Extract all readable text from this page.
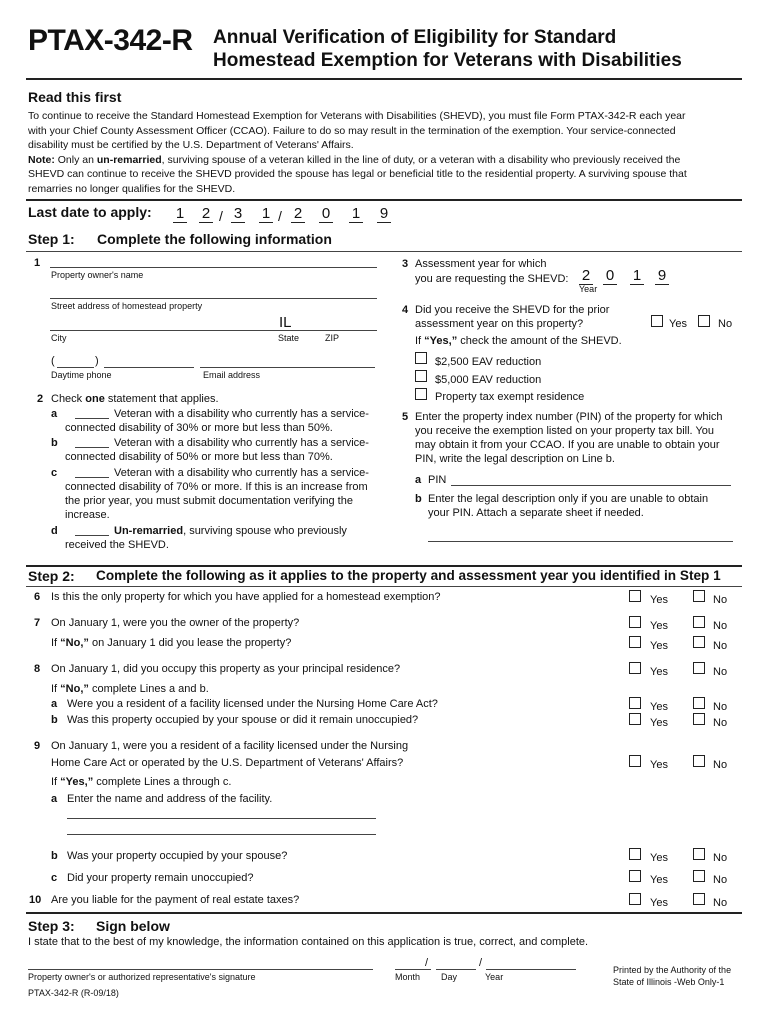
PTAX-342-R Annual Verification of Eligibility for Standard
Homestead Exemption for Veterans with Disabilities
Read this first

To continue to receive the Standard Homestead Exemption for Veterans with Disabilities (SHEVD), you must file Form PTAX-342-R each year

with your Chief County Assessment Officer (CCAO). Failure to do so may result in the termination of the exemption. Your service-connected

disability must be certified by the U.S. Department of Veterans' Affairs.

Note: Only an un-remarried, surviving spouse of a veteran killed in the line of duty, or a veteran with a disability who previously received the

SHEVD can continue to receive the SHEVD provided the spouse has legal or beneficial title to the residential property. A surviving spouse that

remarries no longer qualifies for the SHEVD.

Last date to apply: 1 2 / 3 1 / 2 0 1 9
Step 1: Complete the following information
1
Property owner's name
Street address of homestead property
IL
City	State	ZIP
(	)
Daytime phone	Email address
2 Check one statement that applies.
a	Veteran with a disability who currently has a service-
connected disability of 30% or more but less than 50%.
b	Veteran with a disability who currently has a service-
connected disability of 50% or more but less than 70%.
c	Veteran with a disability who currently has a service-
connected disability of 70% or more. If this is an increase from
the prior year, you must submit documentation verifying the
increase.
d	Un-remarried, surviving spouse who previously
received the SHEVD.
3 Assessment year for which
you are requesting the SHEVD: 2 0 1 9
Year
4 Did you receive the SHEVD for the prior
assessment year on this property?	Yes	No
If “Yes,” check the amount of the SHEVD.
$2,500 EAV reduction
$5,000 EAV reduction
Property tax exempt residence
5 Enter the property index number (PIN) of the property for which
you receive the exemption listed on your property tax bill. You
may obtain it from your CCAO. If you are unable to obtain your
PIN, write the legal description on Line b.
a PIN
b Enter the legal description only if you are unable to obtain
your PIN. Attach a separate sheet if needed.
Step 2: Complete the following as it applies to the property and assessment year you identified in Step 1
6 Is this the only property for which you have applied for a homestead exemption?	Yes	No
7 On January 1, were you the owner of the property?	Yes	No
If “No,” on January 1 did you lease the property?	Yes	No
8 On January 1, did you occupy this property as your principal residence?	Yes	No
If “No,” complete Lines a and b.
a Were you a resident of a facility licensed under the Nursing Home Care Act?	Yes	No
b Was this property occupied by your spouse or did it remain unoccupied?	Yes	No
9 On January 1, were you a resident of a facility licensed under the Nursing
Home Care Act or operated by the U.S. Department of Veterans' Affairs?	Yes	No
If “Yes,” complete Lines a through c.
a Enter the name and address of the facility.
b Was your property occupied by your spouse?	Yes	No
c Did your property remain unoccupied?	Yes	No
10 Are you liable for the payment of real estate taxes?	Yes	No
Step 3: Sign below
I state that to the best of my knowledge, the information contained on this application is true, correct, and complete.
Property owner's or authorized representative's signature
/	/
Month Day	Year
Printed by the Authority of the
State of Illinois -Web Only-1
PTAX-342-R (R-09/18)
